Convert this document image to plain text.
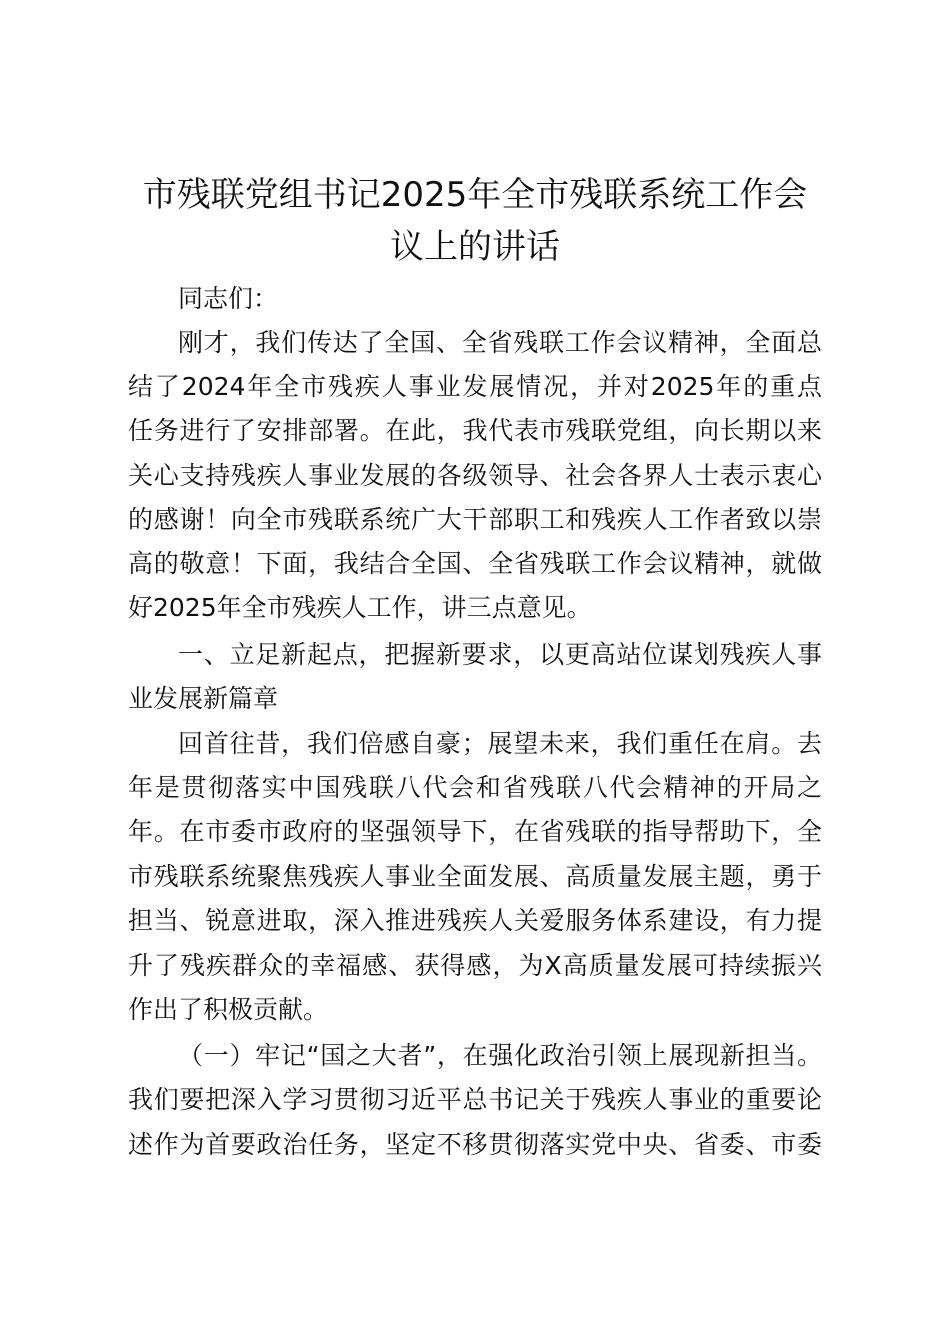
市残联党组书记2025年全市残联系统工作会
议上的讲话

同志们：

刚才，我们传达了全国、全省残联工作会议精神，全面总

结了2024年全市残疾人事业发展情况，并对2025年的重点

任务进行了安排部署。在此，我代表市残联党组，向长期以来

关心支持残疾人事业发展的各级领导、社会各界人士表示衷心

的感谢！向全市残联系统广大干部职工和残疾人工作者致以崇

高的敬意！下面，我结合全国、全省残联工作会议精神，就做

好2025年全市残疾人工作，讲三点意见。

一、立足新起点，把握新要求，以更高站位谋划残疾人事

业发展新篇章

回首往昔，我们倍感自豪；展望未来，我们重任在肩。去

年是贯彻落实中国残联八代会和省残联八代会精神的开局之

年。在市委市政府的坚强领导下，在省残联的指导帮助下，全

市残联系统聚焦残疾人事业全面发展、高质量发展主题，勇于

担当、锐意进取，深入推进残疾人关爱服务体系建设，有力提

升了残疾群众的幸福感、获得感，为X高质量发展可持续振兴

作出了积极贡献。

（一）牢记“国之大者”，在强化政治引领上展现新担当。

我们要把深入学习贯彻习近平总书记关于残疾人事业的重要论

述作为首要政治任务，坚定不移贯彻落实党中央、省委、市委
